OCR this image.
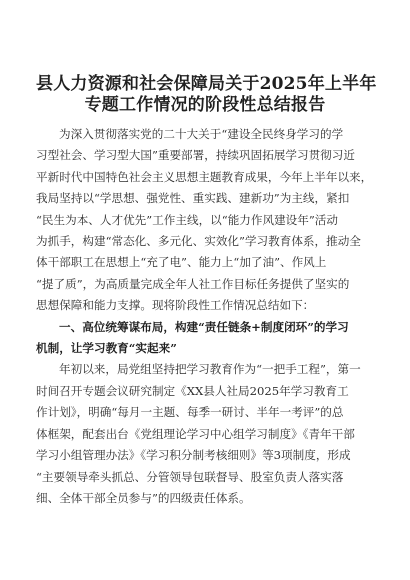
县人力资源和社会保障局关于2025年上半年
专题工作情况的阶段性总结报告

为深入贯彻落实党的二十大关于“建设全民终身学习的学
习型社会、学习型大国”重要部署，持续巩固拓展学习贯彻习近
平新时代中国特色社会主义思想主题教育成果，今年上半年以来，
我局坚持以“学思想、强党性、重实践、建新功”为主线，紧扣
“民生为本、人才优先”工作主线，以“能力作风建设年”活动
为抓手，构建“常态化、多元化、实效化”学习教育体系，推动全
体干部职工在思想上“充了电”、能力上“加了油”、作风上
“提了质”，为高质量完成全年人社工作目标任务提供了坚实的
思想保障和能力支撑。现将阶段性工作情况总结如下：

一、高位统筹谋布局，构建“责任链条+制度闭环”的学习
机制，让学习教育“实起来”

年初以来，局党组坚持把学习教育作为“一把手工程”，第一
时间召开专题会议研究制定《XX县人社局2025年学习教育工
作计划》，明确“每月一主题、每季一研讨、半年一考评”的总
体框架，配套出台《党组理论学习中心组学习制度》《青年干部
学习小组管理办法》《学习积分制考核细则》等3项制度，形成
“主要领导牵头抓总、分管领导包联督导、股室负责人落实落
细、全体干部全员参与”的四级责任体系。
